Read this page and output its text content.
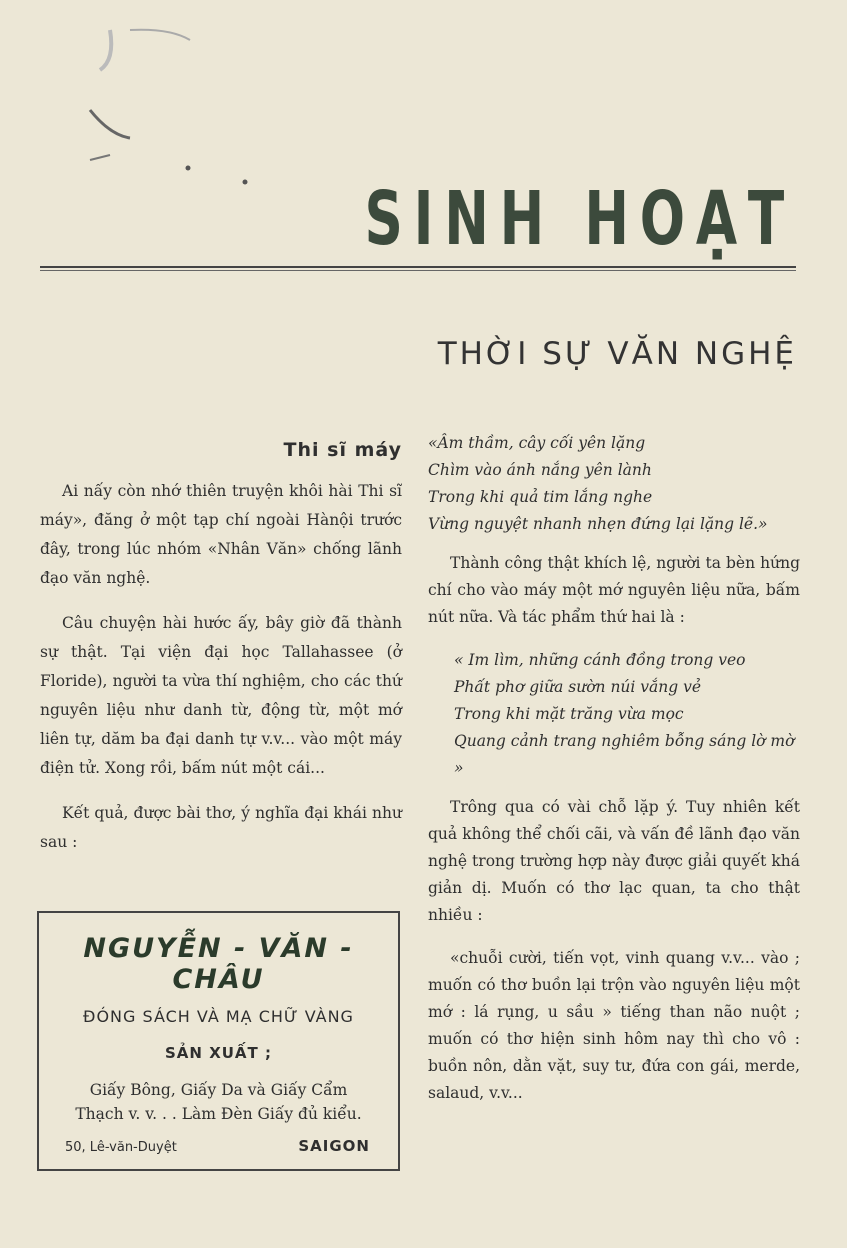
SINH HOẠT
THỜI SỰ VĂN NGHỆ
Thi sĩ máy

Ai nấy còn nhớ thiên truyện khôi hài Thi sĩ máy», đăng ở một tạp chí ngoài Hànội trước đây, trong lúc nhóm «Nhân Văn» chống lãnh đạo văn nghệ.

Câu chuyện hài hước ấy, bây giờ đã thành sự thật. Tại viện đại học Tallahassee (ở Floride), người ta vừa thí nghiệm, cho các thứ nguyên liệu như danh từ, động từ, một mớ liên tự, dăm ba đại danh tự v.v... vào một máy điện tử. Xong rồi, bấm nút một cái...

Kết quả, được bài thơ, ý nghĩa đại khái như sau :

«Âm thầm, cây cối yên lặng
Chìm vào ánh nắng yên lành
Trong khi quả tim lắng nghe
Vừng nguyệt nhanh nhẹn đứng lại lặng lẽ.»

Thành công thật khích lệ, người ta bèn hứng chí cho vào máy một mớ nguyên liệu nữa, bấm nút nữa. Và tác phẩm thứ hai là :

« Im lìm, những cánh đồng trong veo
Phất phơ giữa sườn núi vắng vẻ
Trong khi mặt trăng vừa mọc
Quang cảnh trang nghiêm bỗng sáng lờ mờ »

Trông qua có vài chỗ lặp ý. Tuy nhiên kết quả không thể chối cãi, và vấn đề lãnh đạo văn nghệ trong trường hợp này được giải quyết khá giản dị. Muốn có thơ lạc quan, ta cho thật nhiều :

«chuỗi cười, tiến vọt, vinh quang v.v... vào ; muốn có thơ buồn lại trộn vào nguyên liệu một mớ : lá rụng, u sầu » tiếng than não nuột ; muốn có thơ hiện sinh hôm nay thì cho vô : buồn nôn, dằn vặt, suy tư, đứa con gái, merde, salaud, v.v...

NGUYỄN - VĂN - CHÂU
ĐÓNG SÁCH VÀ MẠ CHỮ VÀNG
SẢN XUẤT ;
Giấy Bông, Giấy Da và Giấy Cẩm Thạch v. v. . . Làm Đèn Giấy đủ kiểu.
50, Lê-văn-Duyệt	SAIGON
